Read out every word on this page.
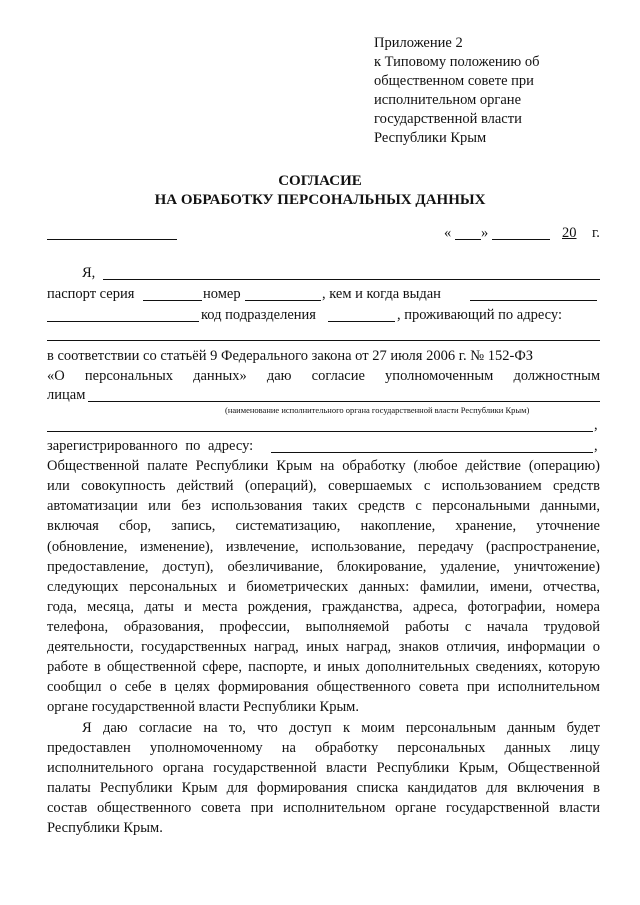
Приложение 2
к Типовому положению об
общественном совете при
исполнительном органе
государственной власти
Республики Крым
СОГЛАСИЕ
НА ОБРАБОТКУ ПЕРСОНАЛЬНЫХ ДАННЫХ
« »	20 г.
Я,
паспорт серия	номер	, кем и когда выдан
код подразделения	, проживающий по адресу:
в соответствии со статьёй 9 Федерального закона от 27 июля 2006 г. № 152-ФЗ
«О персональных данных» даю согласие уполномоченным должностным
лицам
(наименование исполнительного органа государственной власти Республики Крым)
,
зарегистрированного по адресу:	,
Общественной палате Республики Крым на обработку (любое действие (операцию)
или совокупность действий (операций), совершаемых с использованием средств
автоматизации или без использования таких средств с персональными данными,
включая сбор, запись, систематизацию, накопление, хранение, уточнение
(обновление, изменение), извлечение, использование, передачу (распространение,
предоставление, доступ), обезличивание, блокирование, удаление, уничтожение)
следующих персональных и биометрических данных: фамилии, имени, отчества,
года, месяца, даты и места рождения, гражданства, адреса, фотографии, номера
телефона, образования, профессии, выполняемой работы с начала трудовой
деятельности, государственных наград, иных наград, знаков отличия, информации о
работе в общественной сфере, паспорте, и иных дополнительных сведениях, которую
сообщил о себе в целях формирования общественного совета при исполнительном
органе государственной власти Республики Крым.
Я даю согласие на то, что доступ к моим персональным данным будет
предоставлен уполномоченному на обработку персональных данных лицу
исполнительного органа государственной власти Республики Крым, Общественной
палаты Республики Крым для формирования списка кандидатов для включения в
состав общественного совета при исполнительном органе государственной власти
Республики Крым.
